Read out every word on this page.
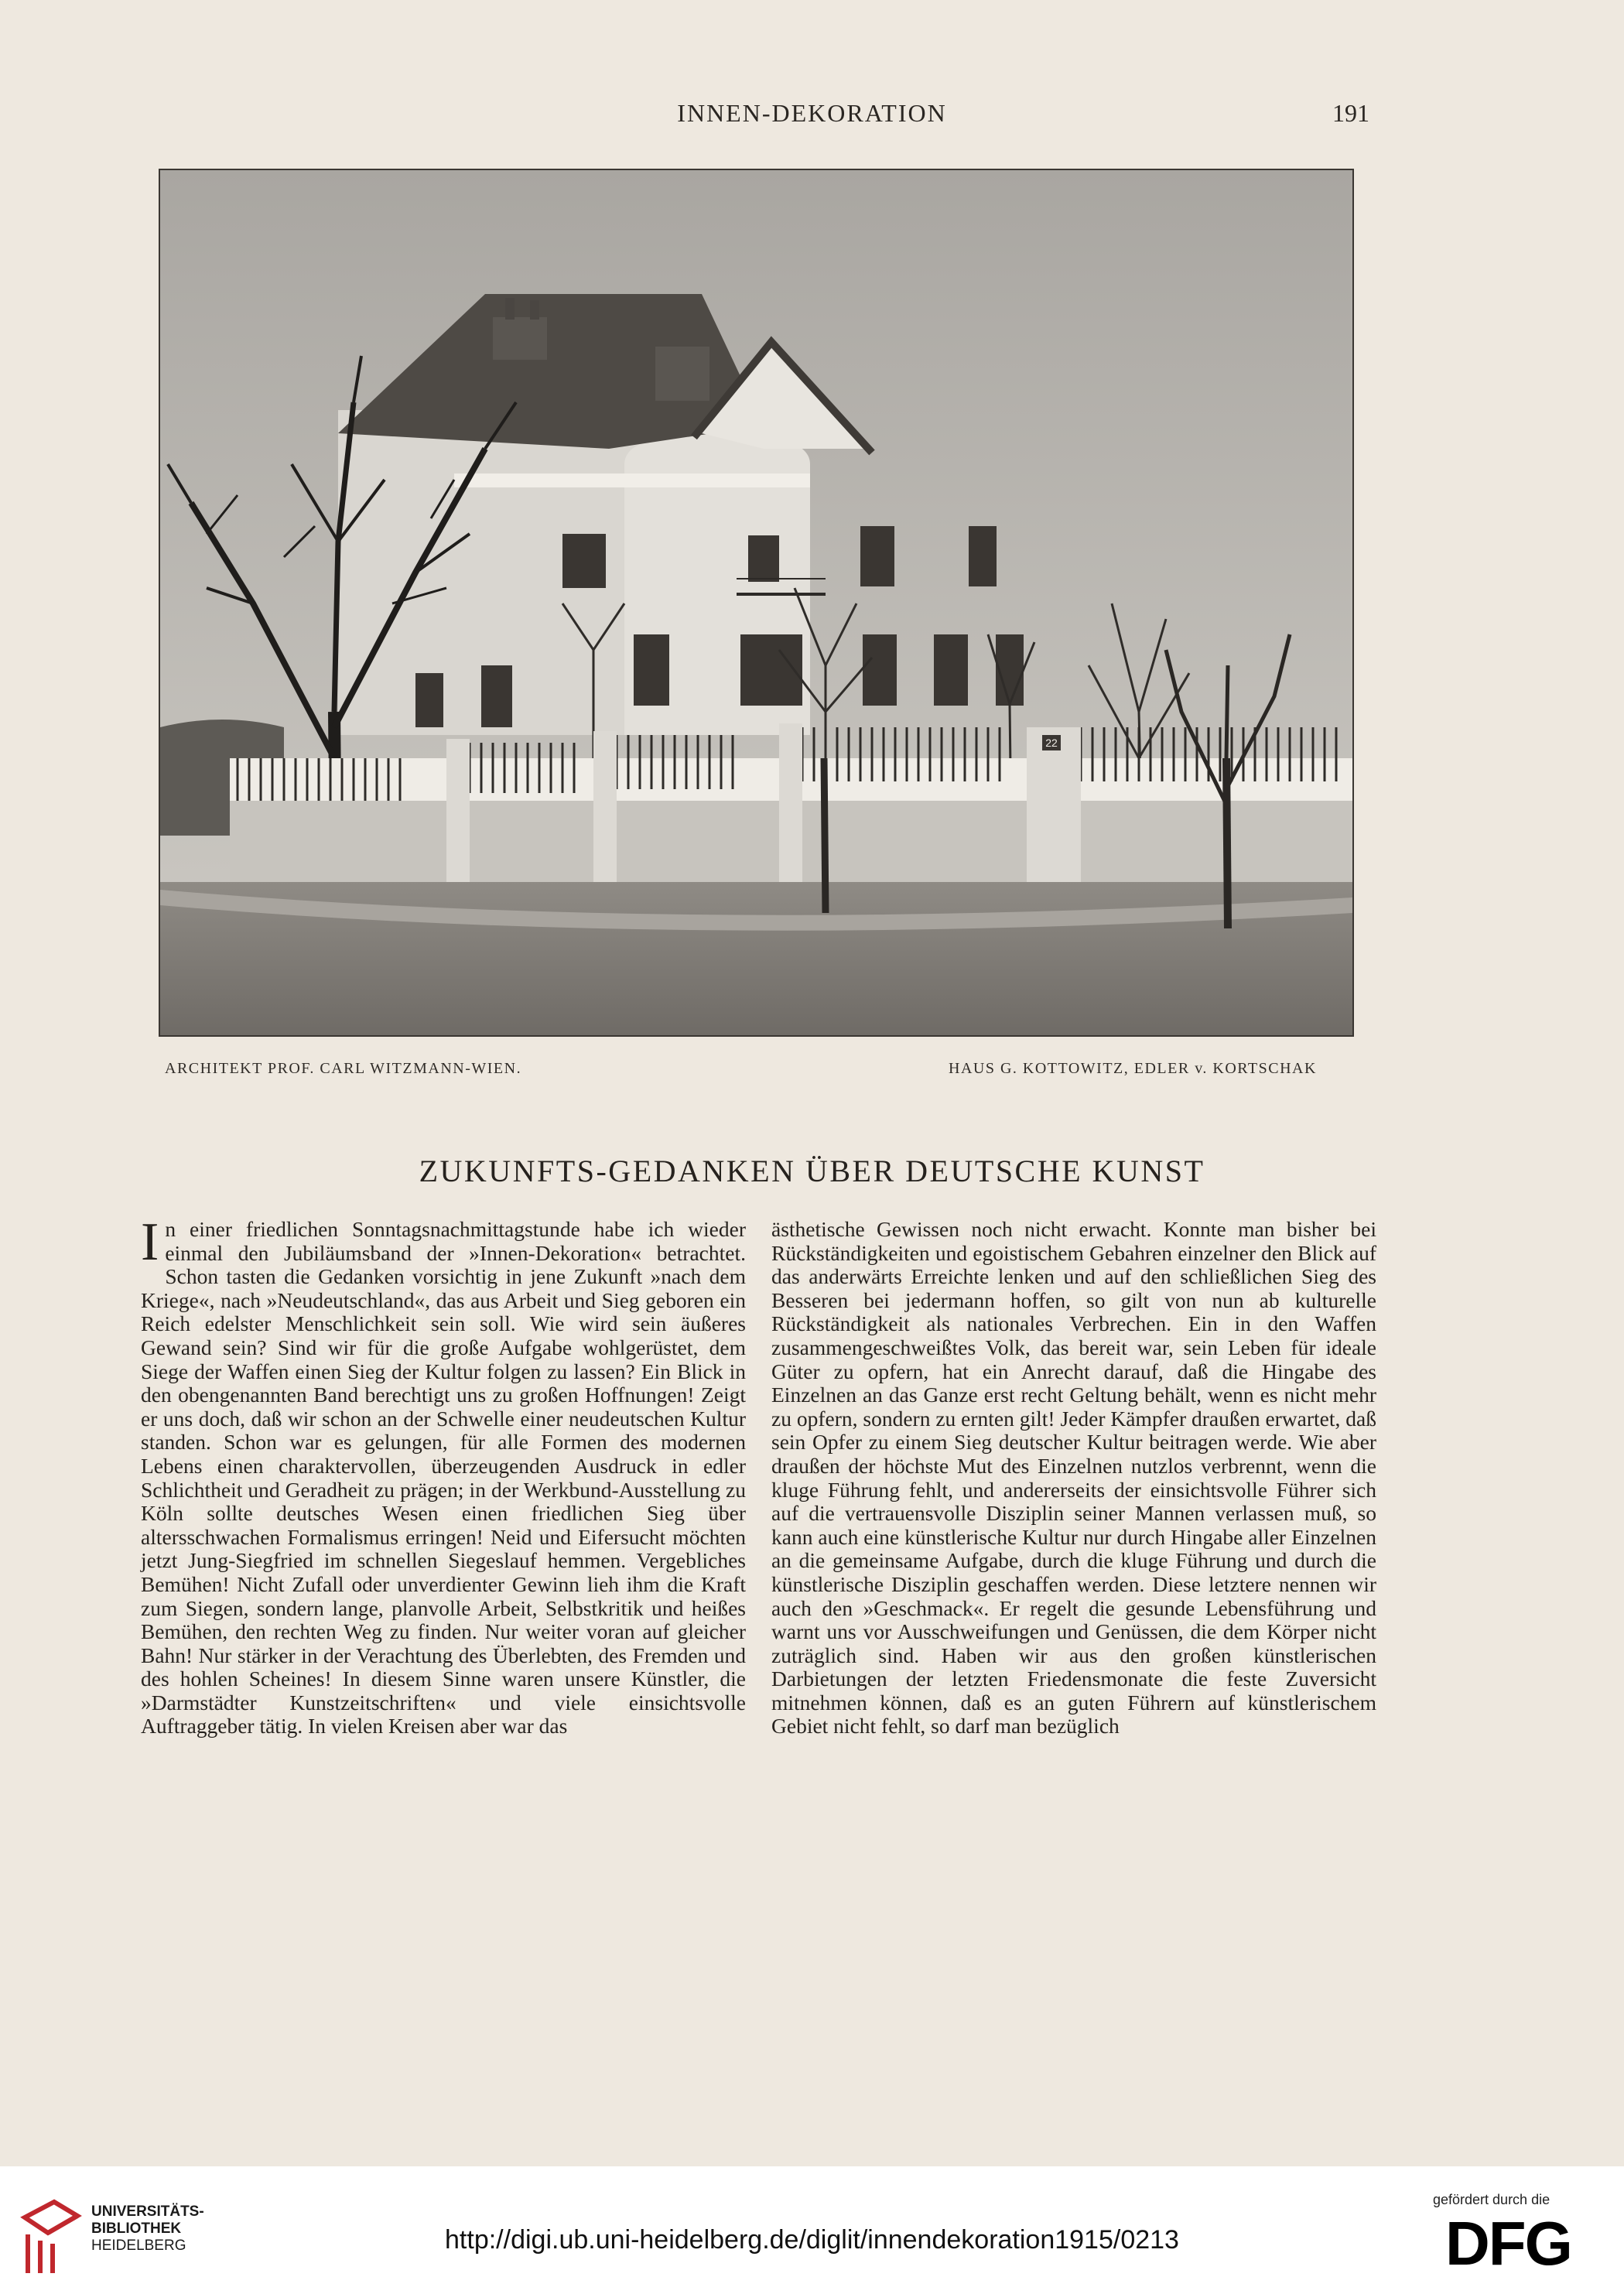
INNEN-DEKORATION	191
22
ARCHITEKT PROF. CARL WITZMANN-WIEN.	HAUS G. KOTTOWITZ, EDLER v. KORTSCHAK
ZUKUNFTS-GEDANKEN ÜBER DEUTSCHE KUNST
I n einer friedlichen Sonntagsnachmittagstunde habe ich wieder einmal den Jubiläumsband der »Innen-Dekoration« betrachtet. Schon tasten die Gedanken vorsichtig in jene Zukunft »nach dem Kriege«, nach »Neudeutschland«, das aus Arbeit und Sieg geboren ein Reich edelster Menschlichkeit sein soll. Wie wird sein äußeres Gewand sein? Sind wir für die große Aufgabe wohlgerüstet, dem Siege der Waffen einen Sieg der Kultur folgen zu lassen? Ein Blick in den obengenannten Band berechtigt uns zu großen Hoffnungen! Zeigt er uns doch, daß wir schon an der Schwelle einer neudeutschen Kultur standen. Schon war es gelungen, für alle Formen des modernen Lebens einen charaktervollen, überzeugenden Ausdruck in edler Schlichtheit und Geradheit zu prägen; in der Werkbund-Ausstellung zu Köln sollte deutsches Wesen einen friedlichen Sieg über altersschwachen Formalismus erringen! Neid und Eifersucht möchten jetzt Jung-Siegfried im schnellen Siegeslauf hemmen. Vergebliches Bemühen! Nicht Zufall oder unverdienter Gewinn lieh ihm die Kraft zum Siegen, sondern lange, planvolle Arbeit, Selbstkritik und heißes Bemühen, den rechten Weg zu finden. Nur weiter voran auf gleicher Bahn! Nur stärker in der Verachtung des Überlebten, des Fremden und des hohlen Scheines! In diesem Sinne waren unsere Künstler, die »Darmstädter Kunstzeitschriften« und viele einsichtsvolle Auftraggeber tätig. In vielen Kreisen aber war das

ästhetische Gewissen noch nicht erwacht. Konnte man bisher bei Rückständigkeiten und egoistischem Gebahren einzelner den Blick auf das anderwärts Erreichte lenken und auf den schließlichen Sieg des Besseren bei jedermann hoffen, so gilt von nun ab kulturelle Rückständigkeit als nationales Verbrechen. Ein in den Waffen zusammengeschweißtes Volk, das bereit war, sein Leben für ideale Güter zu opfern, hat ein Anrecht darauf, daß die Hingabe des Einzelnen an das Ganze erst recht Geltung behält, wenn es nicht mehr zu opfern, sondern zu ernten gilt! Jeder Kämpfer draußen erwartet, daß sein Opfer zu einem Sieg deutscher Kultur beitragen werde. Wie aber draußen der höchste Mut des Einzelnen nutzlos verbrennt, wenn die kluge Führung fehlt, und andererseits der einsichtsvolle Führer sich auf die vertrauensvolle Disziplin seiner Mannen verlassen muß, so kann auch eine künstlerische Kultur nur durch Hingabe aller Einzelnen an die gemeinsame Aufgabe, durch die kluge Führung und durch die künstlerische Disziplin geschaffen werden. Diese letztere nennen wir auch den »Geschmack«. Er regelt die gesunde Lebensführung und warnt uns vor Ausschweifungen und Genüssen, die dem Körper nicht zuträglich sind. Haben wir aus den großen künstlerischen Darbietungen der letzten Friedensmonate die feste Zuversicht mitnehmen können, daß es an guten Führern auf künstlerischem Gebiet nicht fehlt, so darf man bezüglich

UNIVERSITÄTS-
BIBLIOTHEK
HEIDELBERG	http://digi.ub.uni-heidelberg.de/diglit/innendekoration1915/0213
gefördert durch die
DFG
